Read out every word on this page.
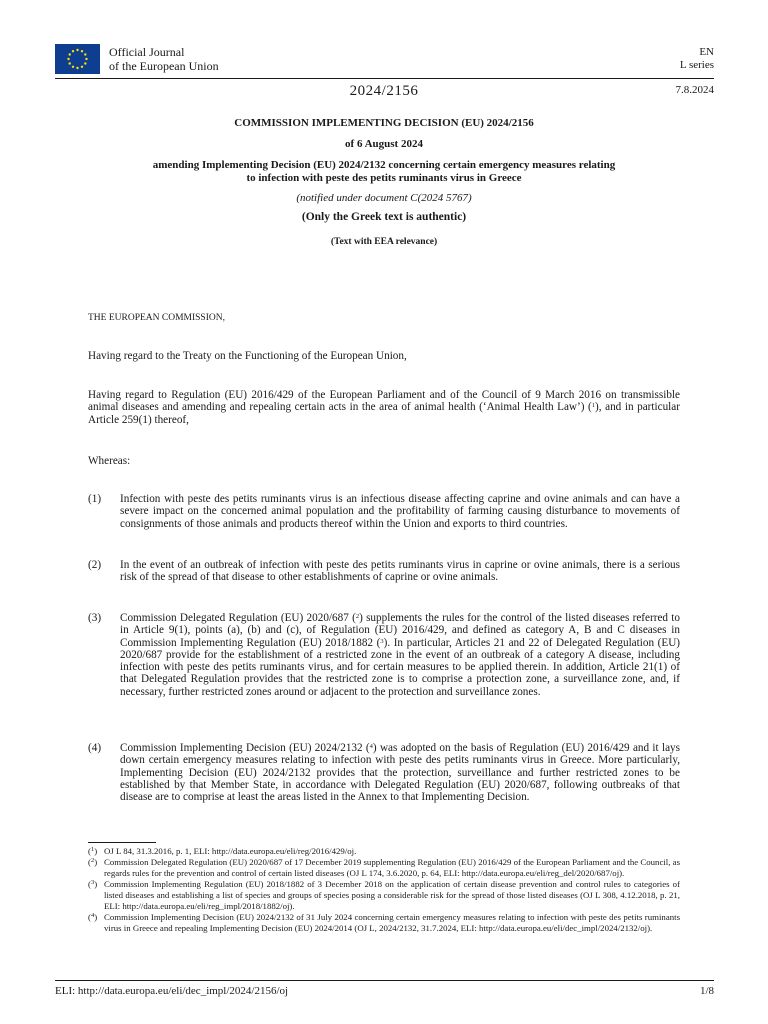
Official Journal
of the European Union
EN
L series
2024/2156	7.8.2024
COMMISSION IMPLEMENTING DECISION (EU) 2024/2156
of 6 August 2024
amending Implementing Decision (EU) 2024/2132 concerning certain emergency measures relating
to infection with peste des petits ruminants virus in Greece
(notified under document C(2024 5767)
(Only the Greek text is authentic)
(Text with EEA relevance)
THE EUROPEAN COMMISSION,
Having regard to the Treaty on the Functioning of the European Union,
Having regard to Regulation (EU) 2016/429 of the European Parliament and of the Council of 9 March 2016 on transmissible animal diseases and amending and repealing certain acts in the area of animal health (‘Animal Health Law’) ($^1$), and in particular Article 259(1) thereof,
Whereas:
(1) Infection with peste des petits ruminants virus is an infectious disease affecting caprine and ovine animals and can have a severe impact on the concerned animal population and the profitability of farming causing disturbance to movements of consignments of those animals and products thereof within the Union and exports to third countries.
(2) In the event of an outbreak of infection with peste des petits ruminants virus in caprine or ovine animals, there is a serious risk of the spread of that disease to other establishments of caprine or ovine animals.
(3) Commission Delegated Regulation (EU) 2020/687 ($^2$) supplements the rules for the control of the listed diseases referred to in Article 9(1), points (a), (b) and (c), of Regulation (EU) 2016/429, and defined as category A, B and C diseases in Commission Implementing Regulation (EU) 2018/1882 ($^3$). In particular, Articles 21 and 22 of Delegated Regulation (EU) 2020/687 provide for the establishment of a restricted zone in the event of an outbreak of a category A disease, including infection with peste des petits ruminants virus, and for certain measures to be applied therein. In addition, Article 21(1) of that Delegated Regulation provides that the restricted zone is to comprise a protection zone, a surveillance zone, and, if necessary, further restricted zones around or adjacent to the protection and surveillance zones.
(4) Commission Implementing Decision (EU) 2024/2132 ($^4$) was adopted on the basis of Regulation (EU) 2016/429 and it lays down certain emergency measures relating to infection with peste des petits ruminants virus in Greece. More particularly, Implementing Decision (EU) 2024/2132 provides that the protection, surveillance and further restricted zones to be established by that Member State, in accordance with Delegated Regulation (EU) 2020/687, following outbreaks of that disease are to comprise at least the areas listed in the Annex to that Implementing Decision.
($^1$) OJ L 84, 31.3.2016, p. 1, ELI: http://data.europa.eu/eli/reg/2016/429/oj.
($^2$) Commission Delegated Regulation (EU) 2020/687 of 17 December 2019 supplementing Regulation (EU) 2016/429 of the European Parliament and the Council, as regards rules for the prevention and control of certain listed diseases (OJ L 174, 3.6.2020, p. 64, ELI: http://data.europa.eu/eli/reg_del/2020/687/oj).
($^3$) Commission Implementing Regulation (EU) 2018/1882 of 3 December 2018 on the application of certain disease prevention and control rules to categories of listed diseases and establishing a list of species and groups of species posing a considerable risk for the spread of those listed diseases (OJ L 308, 4.12.2018, p. 21, ELI: http://data.europa.eu/eli/reg_impl/2018/1882/oj).
($^4$) Commission Implementing Decision (EU) 2024/2132 of 31 July 2024 concerning certain emergency measures relating to infection with peste des petits ruminants virus in Greece and repealing Implementing Decision (EU) 2024/2014 (OJ L, 2024/2132, 31.7.2024, ELI: http://data.europa.eu/eli/dec_impl/2024/2132/oj).
ELI: http://data.europa.eu/eli/dec_impl/2024/2156/oj	1/8
